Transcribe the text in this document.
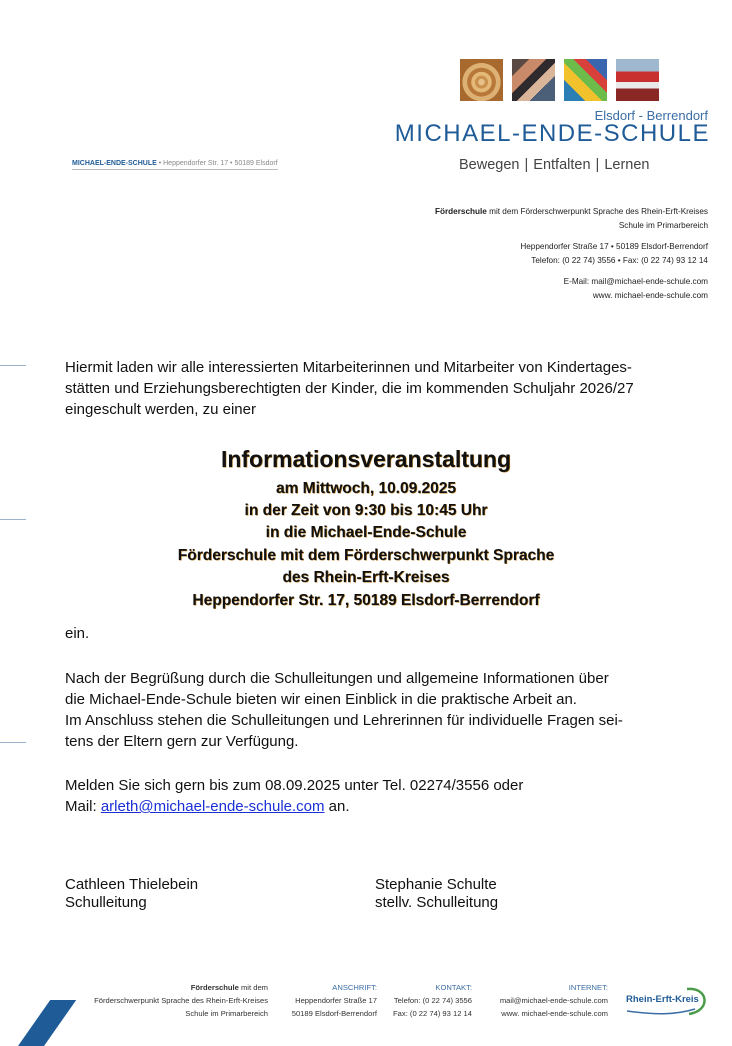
Elsdorf - Berrendorf
MICHAEL-ENDE-SCHULE
Bewegen | Entfalten | Lernen
MICHAEL-ENDE-SCHULE • Heppendorfer Str. 17 • 50189 Elsdorf
Förderschule mit dem Förderschwerpunkt Sprache des Rhein-Erft-Kreises
Schule im Primarbereich
Heppendorfer Straße 17 • 50189 Elsdorf-Berrendorf
Telefon: (0 22 74) 3556 • Fax: (0 22 74) 93 12 14
E-Mail: mail@michael-ende-schule.com
www. michael-ende-schule.com
Hiermit laden wir alle interessierten Mitarbeiterinnen und Mitarbeiter von Kindertages-
stätten und Erziehungsberechtigten der Kinder, die im kommenden Schuljahr 2026/27
eingeschult werden, zu einer
Informationsveranstaltung
am Mittwoch, 10.09.2025
in der Zeit von 9:30 bis 10:45 Uhr
in die Michael-Ende-Schule
Förderschule mit dem Förderschwerpunkt Sprache
des Rhein-Erft-Kreises
Heppendorfer Str. 17, 50189 Elsdorf-Berrendorf
ein.
Nach der Begrüßung durch die Schulleitungen und allgemeine Informationen über
die Michael-Ende-Schule bieten wir einen Einblick in die praktische Arbeit an.
Im Anschluss stehen die Schulleitungen und Lehrerinnen für individuelle Fragen sei-
tens der Eltern gern zur Verfügung.
Melden Sie sich gern bis zum 08.09.2025 unter Tel. 02274/3556 oder
Mail: arleth@michael-ende-schule.com an.
Cathleen Thielebein
Schulleitung
Stephanie Schulte
stellv. Schulleitung
Förderschule mit dem
Förderschwerpunkt Sprache des Rhein-Erft-Kreises
Schule im Primarbereich
ANSCHRIFT:
Heppendorfer Straße 17
50189 Elsdorf-Berrendorf
KONTAKT:
Telefon: (0 22 74) 3556
Fax: (0 22 74) 93 12 14
INTERNET:
mail@michael-ende-schule.com
www. michael-ende-schule.com
Rhein-Erft-Kreis
